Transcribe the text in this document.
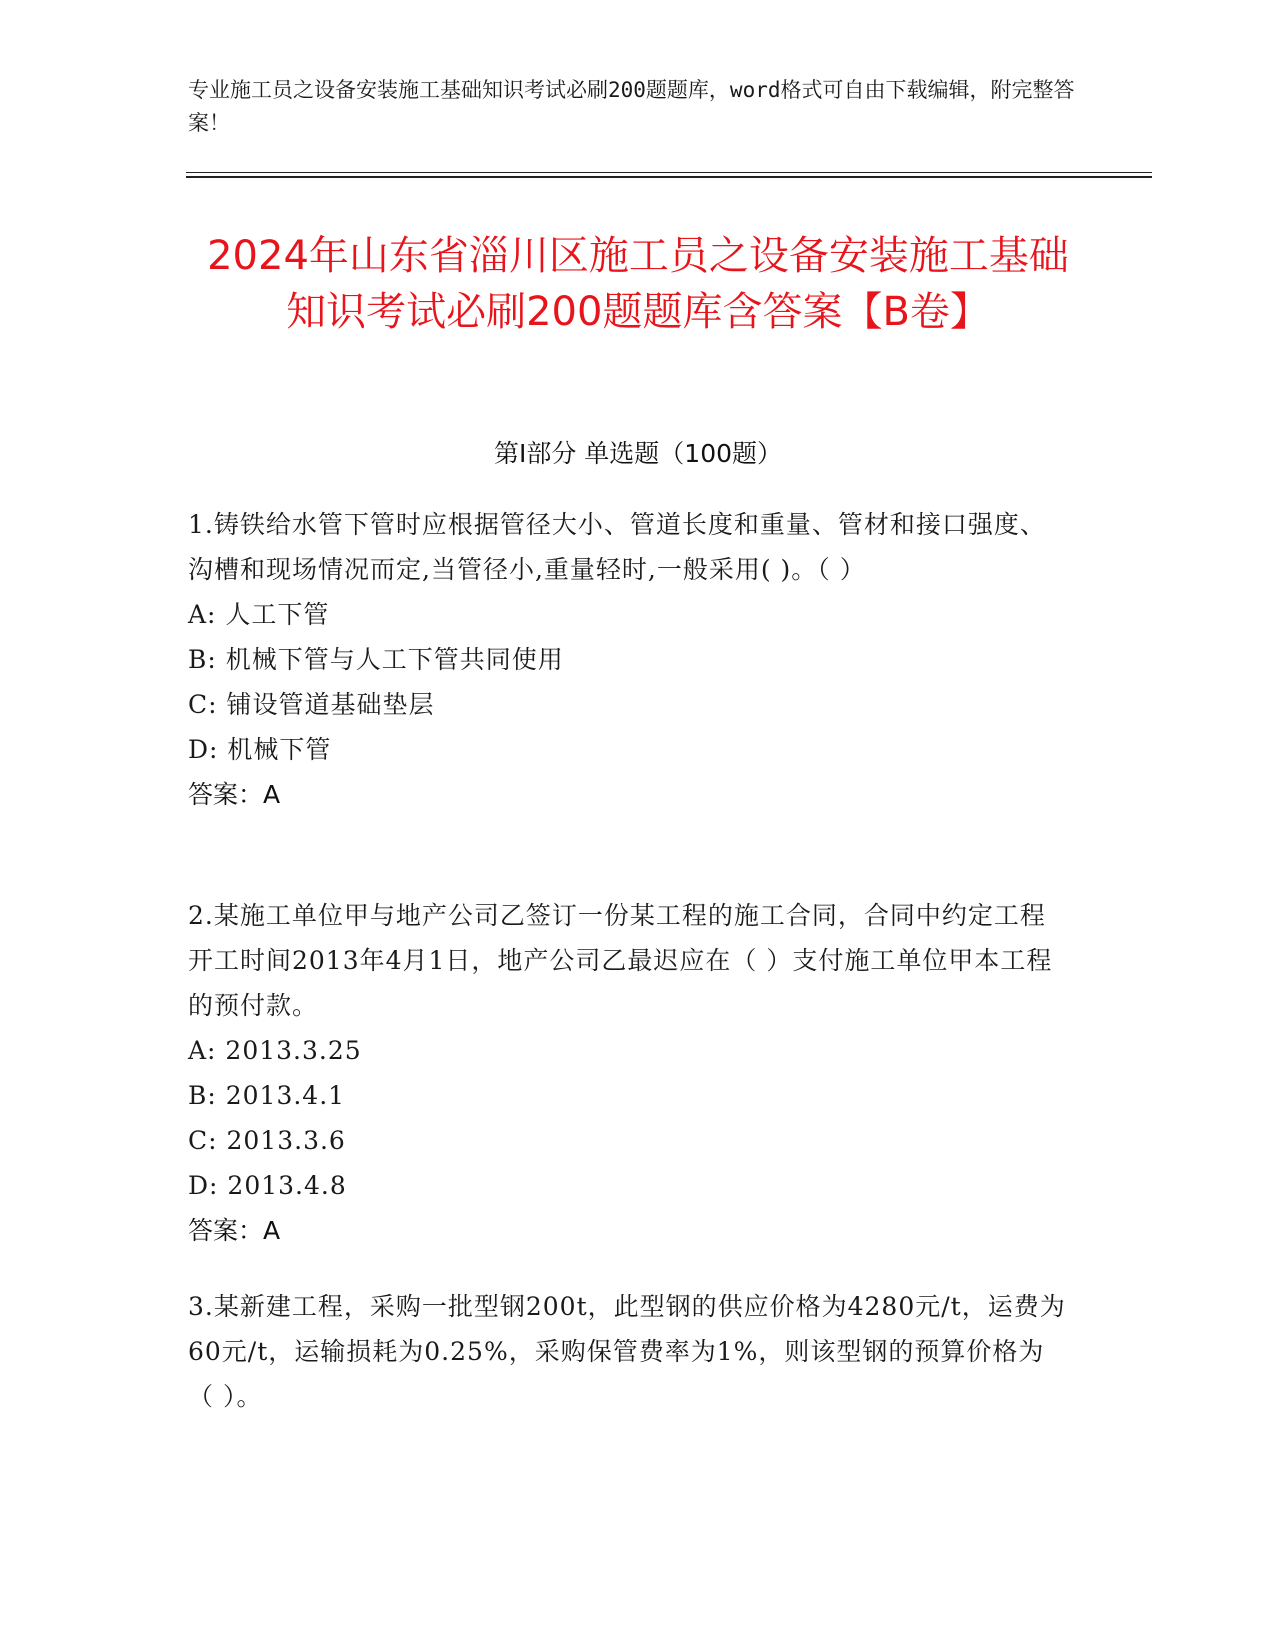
专业施工员之设备安装施工基础知识考试必刷200题题库，word格式可自由下载编辑，附完整答案！
2024年山东省淄川区施工员之设备安装施工基础知识考试必刷200题题库含答案【B卷】
第I部分 单选题（100题）

1.铸铁给水管下管时应根据管径大小、管道长度和重量、管材和接口强度、沟槽和现场情况而定,当管径小,重量轻时,一般采用( )。（ ）

A: 人工下管

B: 机械下管与人工下管共同使用

C: 铺设管道基础垫层

D: 机械下管

答案：A

2.某施工单位甲与地产公司乙签订一份某工程的施工合同，合同中约定工程开工时间2013年4月1日，地产公司乙最迟应在（ ）支付施工单位甲本工程的预付款。

A: 2013.3.25

B: 2013.4.1

C: 2013.3.6

D: 2013.4.8

答案：A

3.某新建工程，采购一批型钢200t，此型钢的供应价格为4280元/t，运费为60元/t，运输损耗为0.25%，采购保管费率为1%，则该型钢的预算价格为（ ）。
